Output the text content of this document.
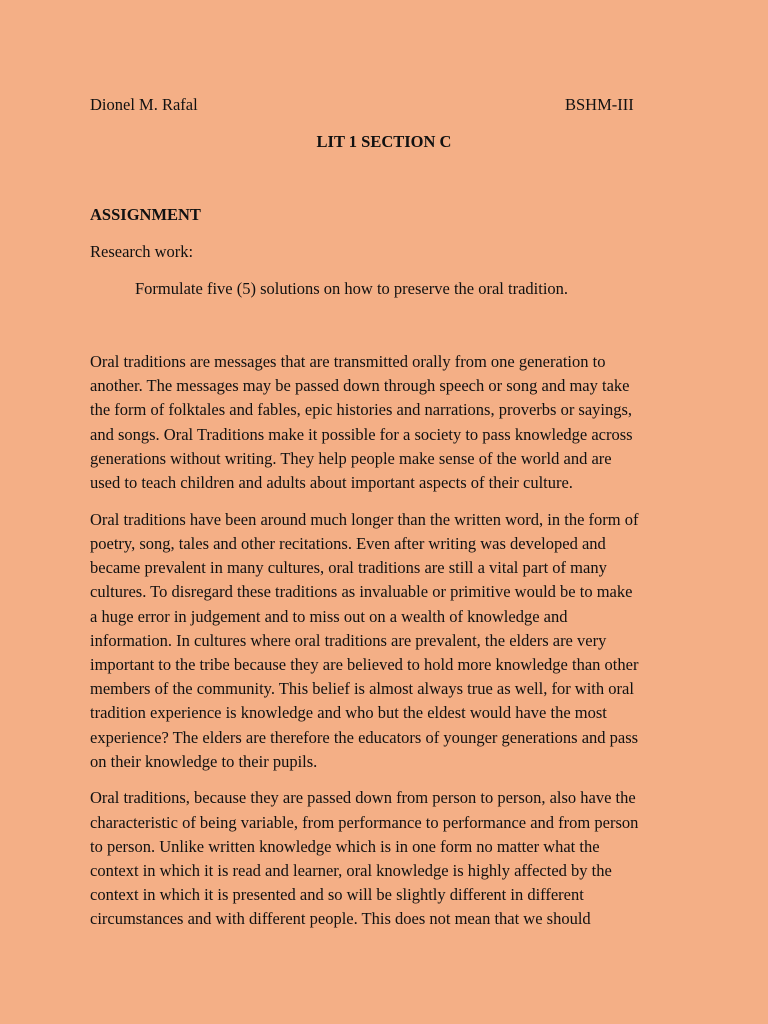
Dionel M. Rafal	BSHM-III
LIT 1 SECTION C
ASSIGNMENT
Research work:
Formulate five (5) solutions on how to preserve the oral tradition.

Oral traditions are messages that are transmitted orally from one generation to
another. The messages may be passed down through speech or song and may take
the form of folktales and fables, epic histories and narrations, proverbs or sayings,
and songs. Oral Traditions make it possible for a society to pass knowledge across
generations without writing. They help people make sense of the world and are
used to teach children and adults about important aspects of their culture.

Oral traditions have been around much longer than the written word, in the form of
poetry, song, tales and other recitations. Even after writing was developed and
became prevalent in many cultures, oral traditions are still a vital part of many
cultures. To disregard these traditions as invaluable or primitive would be to make
a huge error in judgement and to miss out on a wealth of knowledge and
information. In cultures where oral traditions are prevalent, the elders are very
important to the tribe because they are believed to hold more knowledge than other
members of the community. This belief is almost always true as well, for with oral
tradition experience is knowledge and who but the eldest would have the most
experience? The elders are therefore the educators of younger generations and pass
on their knowledge to their pupils.

Oral traditions, because they are passed down from person to person, also have the
characteristic of being variable, from performance to performance and from person
to person. Unlike written knowledge which is in one form no matter what the
context in which it is read and learner, oral knowledge is highly affected by the
context in which it is presented and so will be slightly different in different
circumstances and with different people. This does not mean that we should
